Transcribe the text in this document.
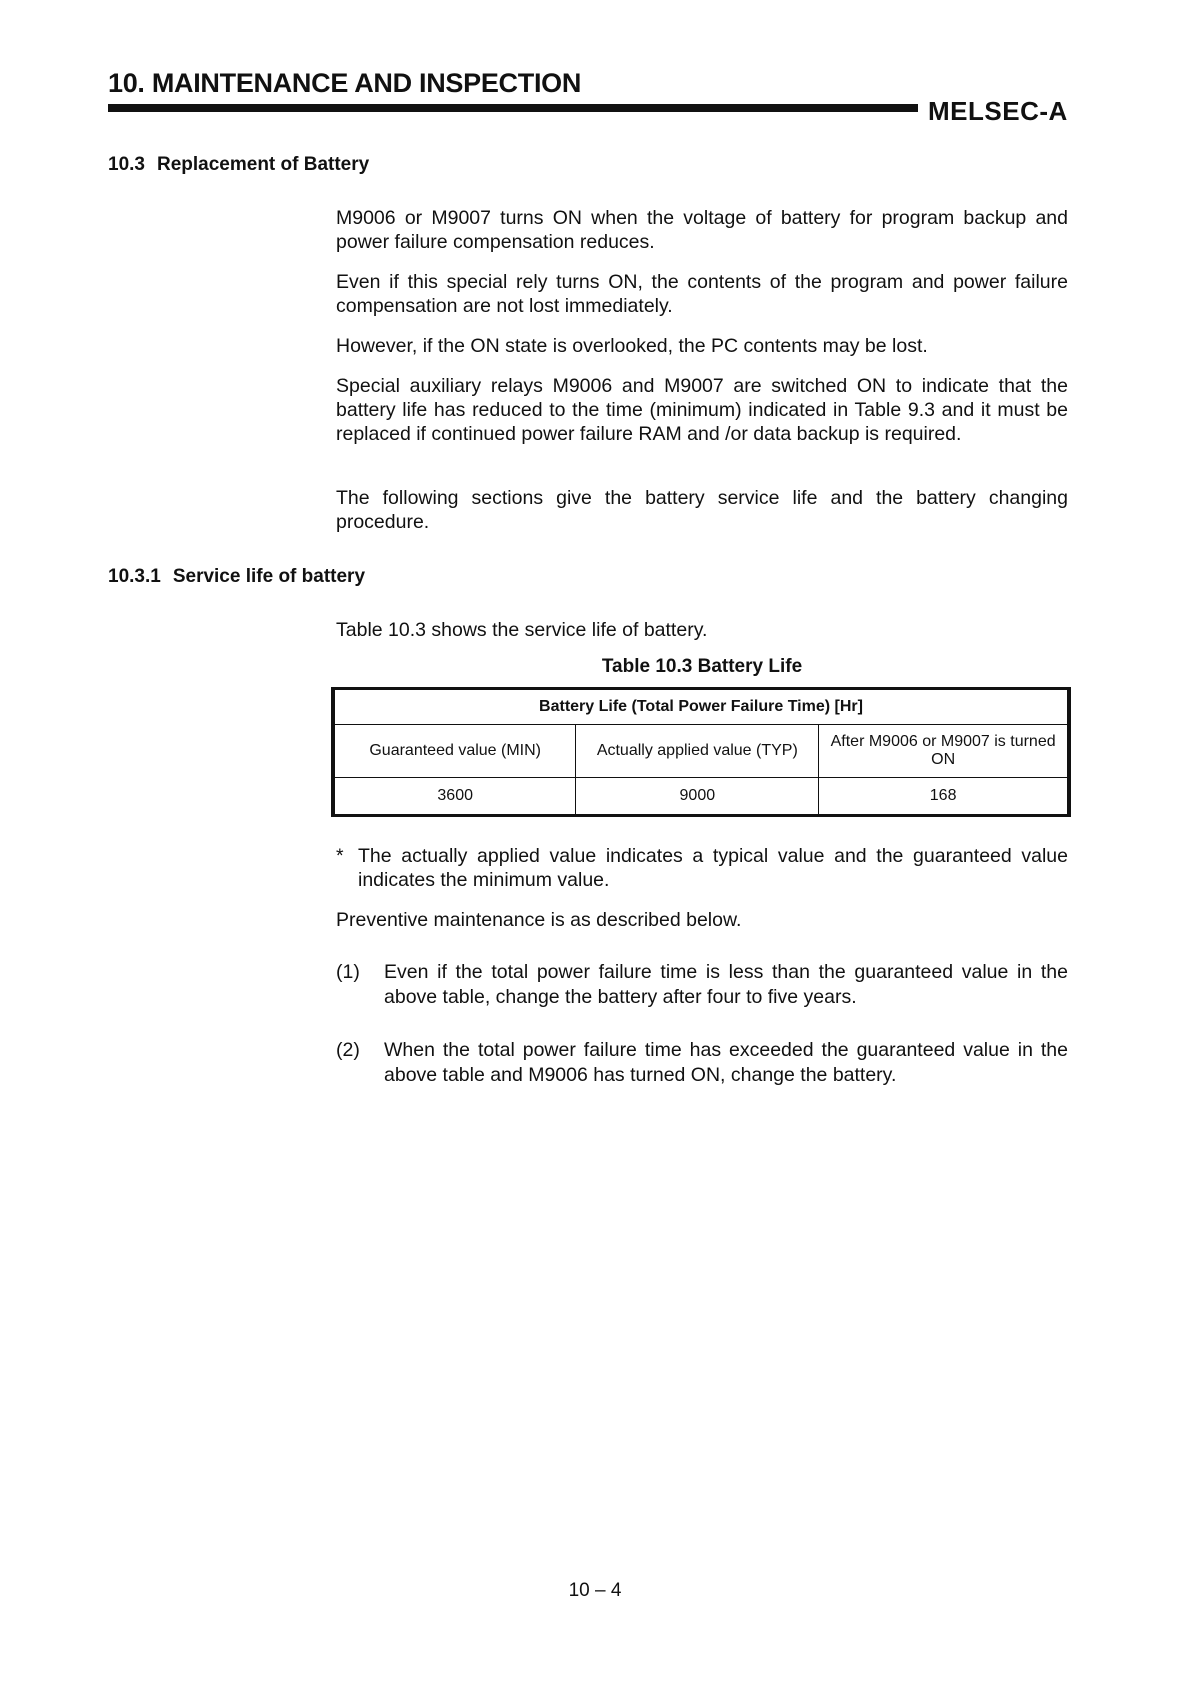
10. MAINTENANCE AND INSPECTION
MELSEC-A
10.3 Replacement of Battery

M9006 or M9007 turns ON when the voltage of battery for program backup and power failure compensation reduces.

Even if this special rely turns ON, the contents of the program and power failure compensation are not lost immediately.

However, if the ON state is overlooked, the PC contents may be lost.

Special auxiliary relays M9006 and M9007 are switched ON to indicate that the battery life has reduced to the time (minimum) indicated in Table 9.3 and it must be replaced if continued power failure RAM and /or data backup is required.

The following sections give the battery service life and the battery changing procedure.

10.3.1 Service life of battery

Table 10.3 shows the service life of battery.

Table 10.3 Battery Life
Battery Life (Total Power Failure Time) [Hr]		
Guaranteed value (MIN)	Actually applied value (TYP)	After M9006 or M9007 is turned ON
3600	9000	168

* The actually applied value indicates a typical value and the guaranteed value indicates the minimum value.

Preventive maintenance is as described below.

(1) Even if the total power failure time is less than the guaranteed value in the above table, change the battery after four to five years.
(2) When the total power failure time has exceeded the guaranteed value in the above table and M9006 has turned ON, change the battery.
10 – 4
